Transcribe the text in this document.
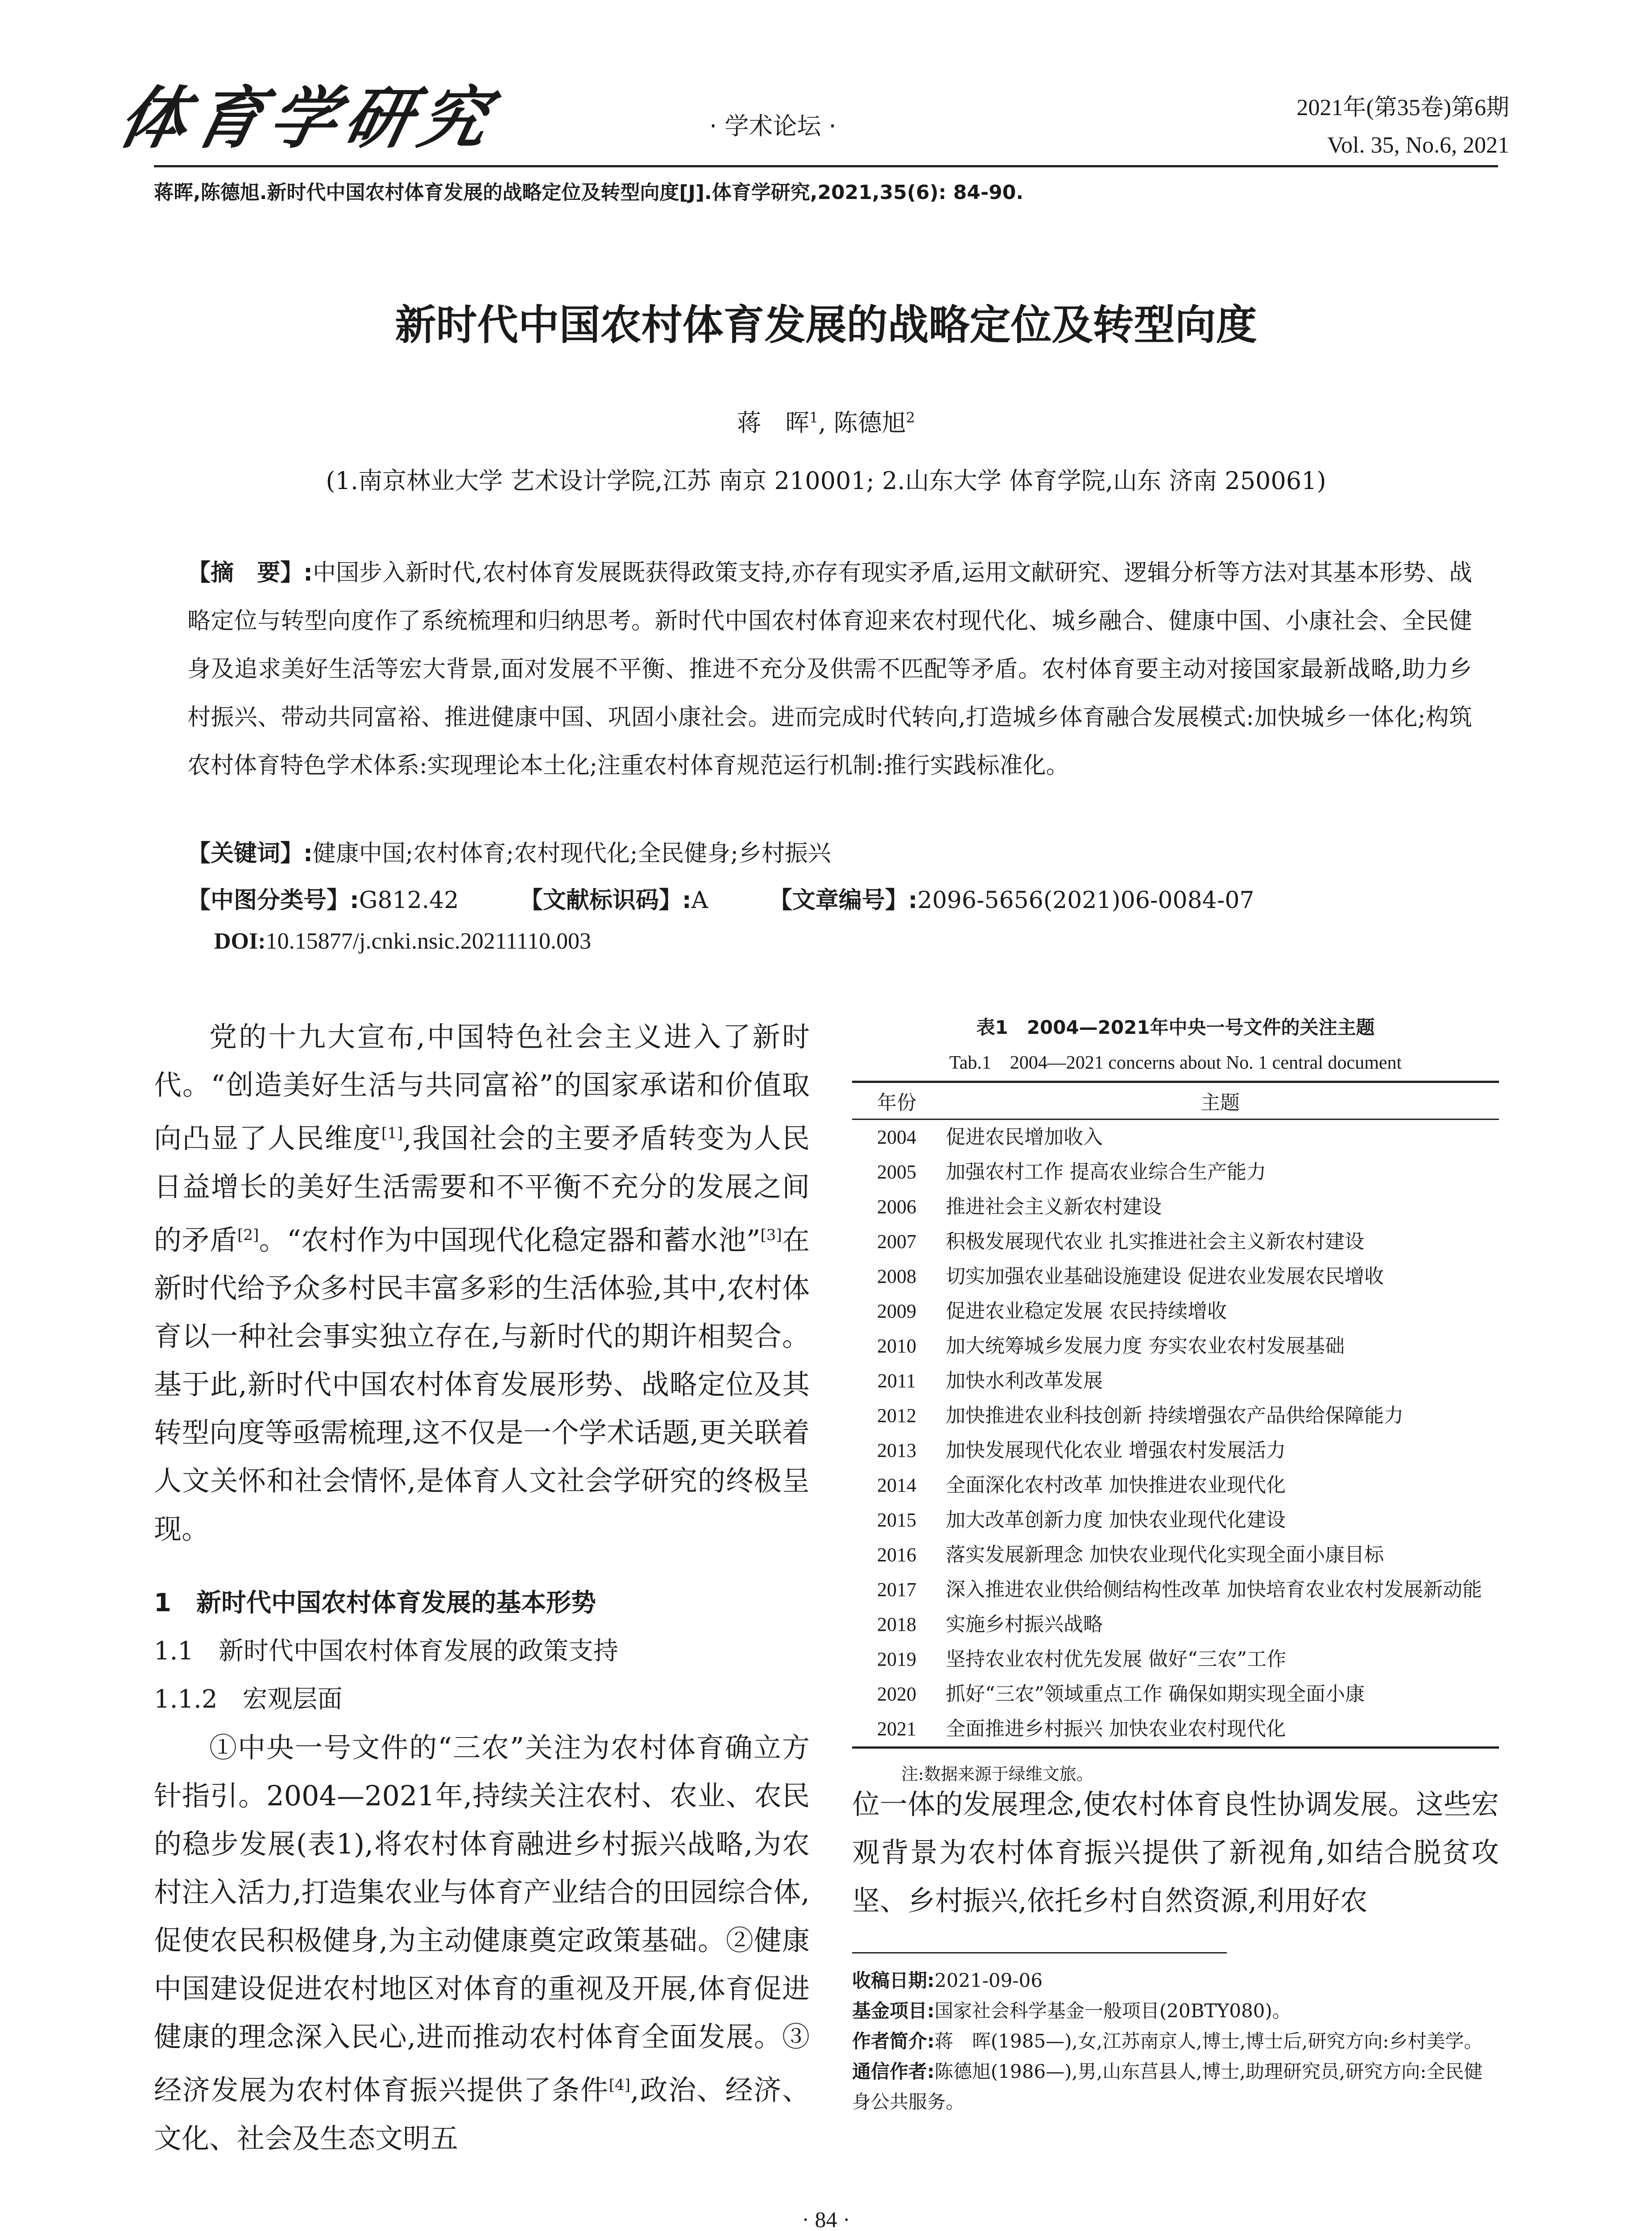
体育学研究	· 学术论坛 ·
2021年(第35卷)第6期
Vol. 35, No.6, 2021
蒋晖,陈德旭.新时代中国农村体育发展的战略定位及转型向度[J].体育学研究,2021,35(6): 84-90.
新时代中国农村体育发展的战略定位及转型向度
蒋　晖$^1$, 陈德旭$^2$
(1.南京林业大学 艺术设计学院,江苏 南京 210001; 2.山东大学 体育学院,山东 济南 250061)
【摘　要】:中国步入新时代,农村体育发展既获得政策支持,亦存有现实矛盾,运用文献研究、逻辑分析等方法对其基本形势、战略定位与转型向度作了系统梳理和归纳思考。新时代中国农村体育迎来农村现代化、城乡融合、健康中国、小康社会、全民健身及追求美好生活等宏大背景,面对发展不平衡、推进不充分及供需不匹配等矛盾。农村体育要主动对接国家最新战略,助力乡村振兴、带动共同富裕、推进健康中国、巩固小康社会。进而完成时代转向,打造城乡体育融合发展模式:加快城乡一体化;构筑农村体育特色学术体系:实现理论本土化;注重农村体育规范运行机制:推行实践标准化。
【关键词】:健康中国;农村体育;农村现代化;全民健身;乡村振兴
【中图分类号】:G812.42	【文献标识码】:A	【文章编号】:2096-5656(2021)06-0084-07
DOI:10.15877/j.cnki.nsic.20211110.003

党的十九大宣布,中国特色社会主义进入了新时代。“创造美好生活与共同富裕”的国家承诺和价值取向凸显了人民维度[1],我国社会的主要矛盾转变为人民日益增长的美好生活需要和不平衡不充分的发展之间的矛盾[2]。“农村作为中国现代化稳定器和蓄水池”[3]在新时代给予众多村民丰富多彩的生活体验,其中,农村体育以一种社会事实独立存在,与新时代的期许相契合。基于此,新时代中国农村体育发展形势、战略定位及其转型向度等亟需梳理,这不仅是一个学术话题,更关联着人文关怀和社会情怀,是体育人文社会学研究的终极呈现。

1　新时代中国农村体育发展的基本形势
1.1　新时代中国农村体育发展的政策支持
1.1.2　宏观层面

①中央一号文件的“三农”关注为农村体育确立方针指引。2004—2021年,持续关注农村、农业、农民的稳步发展(表1),将农村体育融进乡村振兴战略,为农村注入活力,打造集农业与体育产业结合的田园综合体,促使农民积极健身,为主动健康奠定政策基础。②健康中国建设促进农村地区对体育的重视及开展,体育促进健康的理念深入民心,进而推动农村体育全面发展。③经济发展为农村体育振兴提供了条件[4],政治、经济、文化、社会及生态文明五

表1　2004—2021年中央一号文件的关注主题
Tab.1　2004—2021 concerns about No. 1 central document
年份	主题
2004	促进农民增加收入
2005	加强农村工作 提高农业综合生产能力
2006	推进社会主义新农村建设
2007	积极发展现代农业 扎实推进社会主义新农村建设
2008	切实加强农业基础设施建设 促进农业发展农民增收
2009	促进农业稳定发展 农民持续增收
2010	加大统筹城乡发展力度 夯实农业农村发展基础
2011	加快水利改革发展
2012	加快推进农业科技创新 持续增强农产品供给保障能力
2013	加快发展现代化农业 增强农村发展活力
2014	全面深化农村改革 加快推进农业现代化
2015	加大改革创新力度 加快农业现代化建设
2016	落实发展新理念 加快农业现代化实现全面小康目标
2017	深入推进农业供给侧结构性改革 加快培育农业农村发展新动能
2018	实施乡村振兴战略
2019	坚持农业农村优先发展 做好“三农”工作
2020	抓好“三农”领域重点工作 确保如期实现全面小康
2021	全面推进乡村振兴 加快农业农村现代化
注:数据来源于绿维文旅。

位一体的发展理念,使农村体育良性协调发展。这些宏观背景为农村体育振兴提供了新视角,如结合脱贫攻坚、乡村振兴,依托乡村自然资源,利用好农

收稿日期:2021-09-06

基金项目:国家社会科学基金一般项目(20BTY080)。

作者简介:蒋　晖(1985—),女,江苏南京人,博士,博士后,研究方向:乡村美学。

通信作者:陈德旭(1986—),男,山东莒县人,博士,助理研究员,研究方向:全民健身公共服务。

· 84 ·
